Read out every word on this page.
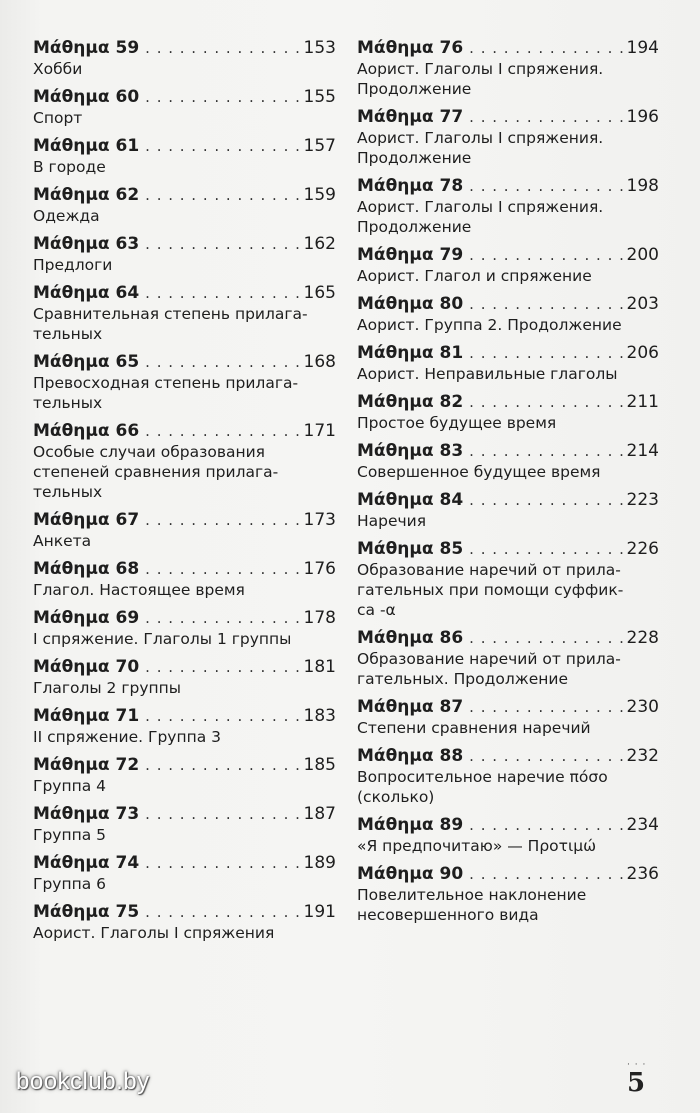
Μάθημα 59 . . .	153
Хобби
Μάθημα 60 . . .	155
Спорт
Μάθημα 61 . . .	157
В городе
Μάθημα 62 . . .	159
Одежда
Μάθημα 63 . . .	162
Предлоги
Μάθημα 64 . . .	165
Сравнительная степень прилага-
тельных
Μάθημα 65 . . .	168
Превосходная степень прилага-
тельных
Μάθημα 66 . . .	171
Особые случаи образования
степеней сравнения прилага-
тельных
Μάθημα 67 . . .	173
Анкета
Μάθημα 68 . . .	176
Глагол. Настоящее время
Μάθημα 69 . . .	178
I спряжение. Глаголы 1 группы
Μάθημα 70 . . .	181
Глаголы 2 группы
Μάθημα 71 . . .	183
II спряжение. Группа 3
Μάθημα 72 . . .	185
Группа 4
Μάθημα 73 . . .	187
Группа 5
Μάθημα 74 . . .	189
Группа 6
Μάθημα 75 . . .	191
Аорист. Глаголы I спряжения
Μάθημα 76 . . .	194
Аорист. Глаголы I спряжения.
Продолжение
Μάθημα 77 . . .	196
Аорист. Глаголы I спряжения.
Продолжение
Μάθημα 78 . . .	198
Аорист. Глаголы I спряжения.
Продолжение
Μάθημα 79 . . .	200
Аорист. Глагол и спряжение
Μάθημα 80 . . .	203
Аорист. Группа 2. Продолжение
Μάθημα 81 . . .	206
Аорист. Неправильные глаголы
Μάθημα 82 . . .	211
Простое будущее время
Μάθημα 83 . . .	214
Совершенное будущее время
Μάθημα 84 . . .	223
Наречия
Μάθημα 85 . . .	226
Образование наречий от прила-
гательных при помощи суффик-
са -α
Μάθημα 86 . . .	228
Образование наречий от прила-
гательных. Продолжение
Μάθημα 87 . . .	230
Степени сравнения наречий
Μάθημα 88 . . .	232
Вопросительное наречие πόσο
(сколько)
Μάθημα 89 . . .	234
«Я предпочитаю» — Προτιμώ
Μάθημα 90 . . .	236
Повелительное наклонение
несовершенного вида
bookclub.by
· · ·
5
